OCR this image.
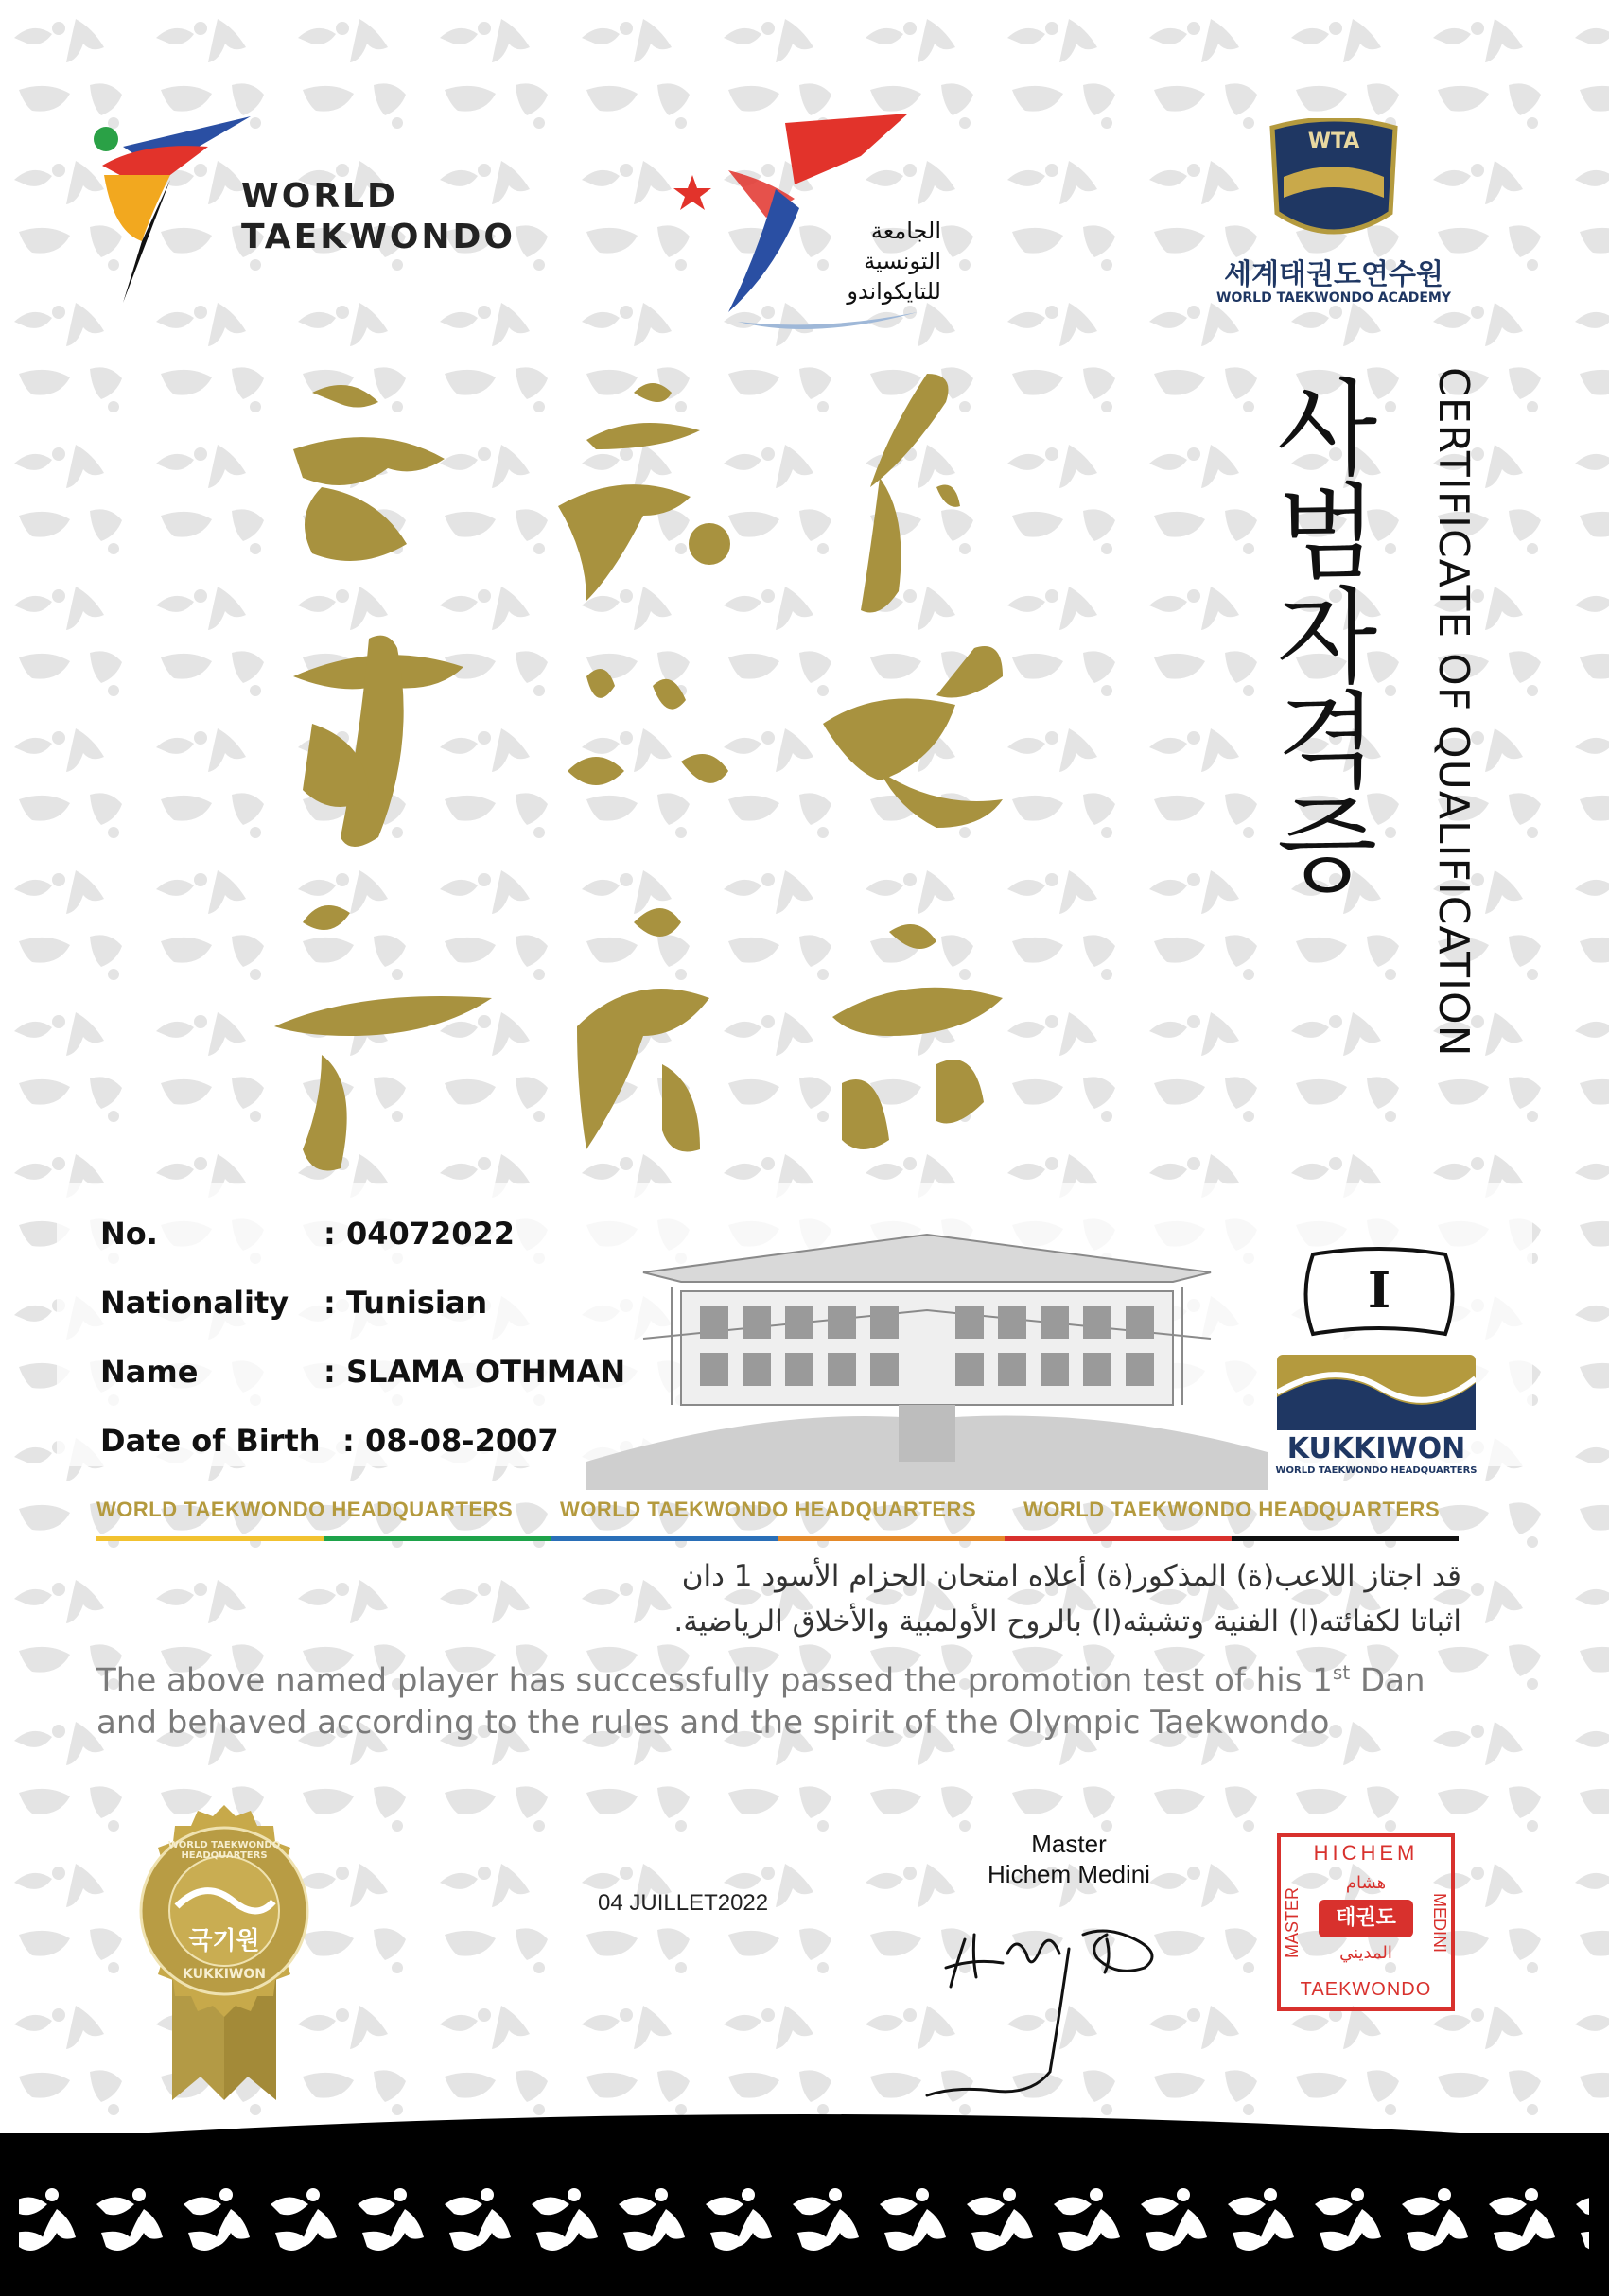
WORLD
TAEKWONDO	الجامعة
التونسية
للتايكواندو
WTA
세계태권도연수원
WORLD TAEKWONDO ACADEMY
사범자격증 CERTIFICATE OF QUALIFICATION
No.	: 04072022
Nationality : Tunisian
Name	: SLAMA OTHMAN
Date of Birth : 08-08-2007
I
KUKKIWON
WORLD TAEKWONDO HEADQUARTERS
WORLD TAEKWONDO HEADQUARTERS WORLD TAEKWONDO HEADQUARTERS WORLD TAEKWONDO HEADQUARTERS
قد اجتاز اللاعب(ة) المذكور(ة) أعلاه امتحان الحزام الأسود 1 دان
اثباتا لكفائته(ا) الفنية وتشبثه(ا) بالروح الأولمبية والأخلاق الرياضية.
The above named player has successfully passed the promotion test of his 1st Dan
and behaved according to the rules and the spirit of the Olympic Taekwondo
WORLD TAEKWONDO HEADQUARTERS
국기원
KUKKIWON
04 JUILLET2022
Master
Hichem Medini
HICHEM
MASTER	MEDINI
هشام
태권도
المديني
TAEKWONDO
